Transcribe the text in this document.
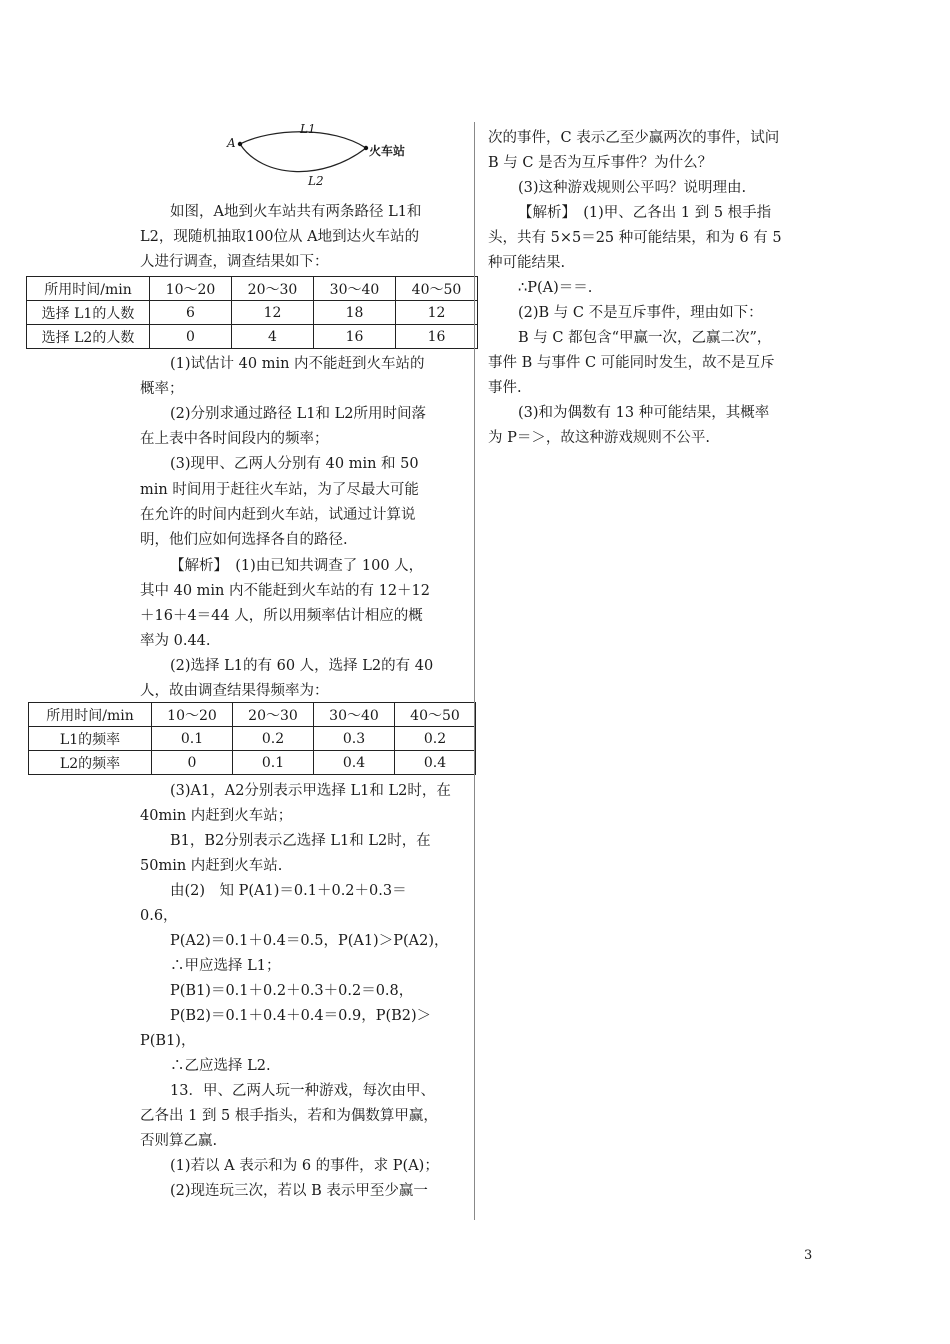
A
L1
L2
火车站
如图，A地到火车站共有两条路径 L1和
L2，现随机抽取100位从 A地到达火车站的
人进行调查，调查结果如下：
所用时间/min	10～20	20～30	30～40	40～50
选择 L1的人数	6	12	18	12
选择 L2的人数	0	4	16	16
(1)试估计 40 min 内不能赶到火车站的
概率；
(2)分别求通过路径 L1和 L2所用时间落
在上表中各时间段内的频率；
(3)现甲、乙两人分别有 40 min 和 50
min 时间用于赶往火车站，为了尽最大可能
在允许的时间内赶到火车站，试通过计算说
明，他们应如何选择各自的路径.
【解析】　(1)由已知共调查了 100 人，
其中 40 min 内不能赶到火车站的有 12＋12
＋16＋4＝44 人，所以用频率估计相应的概
率为 0.44.
(2)选择 L1的有 60 人，选择 L2的有 40
人，故由调查结果得频率为：
所用时间/min	10～20	20～30	30～40	40～50
L1的频率	0.1	0.2	0.3	0.2
L2的频率	0	0.1	0.4	0.4
(3)A1，A2分别表示甲选择 L1和 L2时，在
40min 内赶到火车站；
B1，B2分别表示乙选择 L1和 L2时，在
50min 内赶到火车站.
由(2)　知 P(A1)＝0.1＋0.2＋0.3＝
0.6，
P(A2)＝0.1＋0.4＝0.5，P(A1)＞P(A2)，
∴甲应选择 L1；
P(B1)＝0.1＋0.2＋0.3＋0.2＝0.8，
P(B2)＝0.1＋0.4＋0.4＝0.9，P(B2)＞
P(B1)，
∴乙应选择 L2.
13．甲、乙两人玩一种游戏，每次由甲、
乙各出 1 到 5 根手指头，若和为偶数算甲赢，
否则算乙赢.
(1)若以 A 表示和为 6 的事件，求 P(A)；
(2)现连玩三次，若以 B 表示甲至少赢一
次的事件，C 表示乙至少赢两次的事件，试问
B 与 C 是否为互斥事件？为什么？
(3)这种游戏规则公平吗？说明理由.
【解析】　(1)甲、乙各出 1 到 5 根手指
头，共有 5×5＝25 种可能结果，和为 6 有 5
种可能结果.
∴P(A)＝＝.
(2)B 与 C 不是互斥事件，理由如下：
B 与 C 都包含“甲赢一次，乙赢二次”，
事件 B 与事件 C 可能同时发生，故不是互斥
事件.
(3)和为偶数有 13 种可能结果，其概率
为 P＝＞，故这种游戏规则不公平.
3
